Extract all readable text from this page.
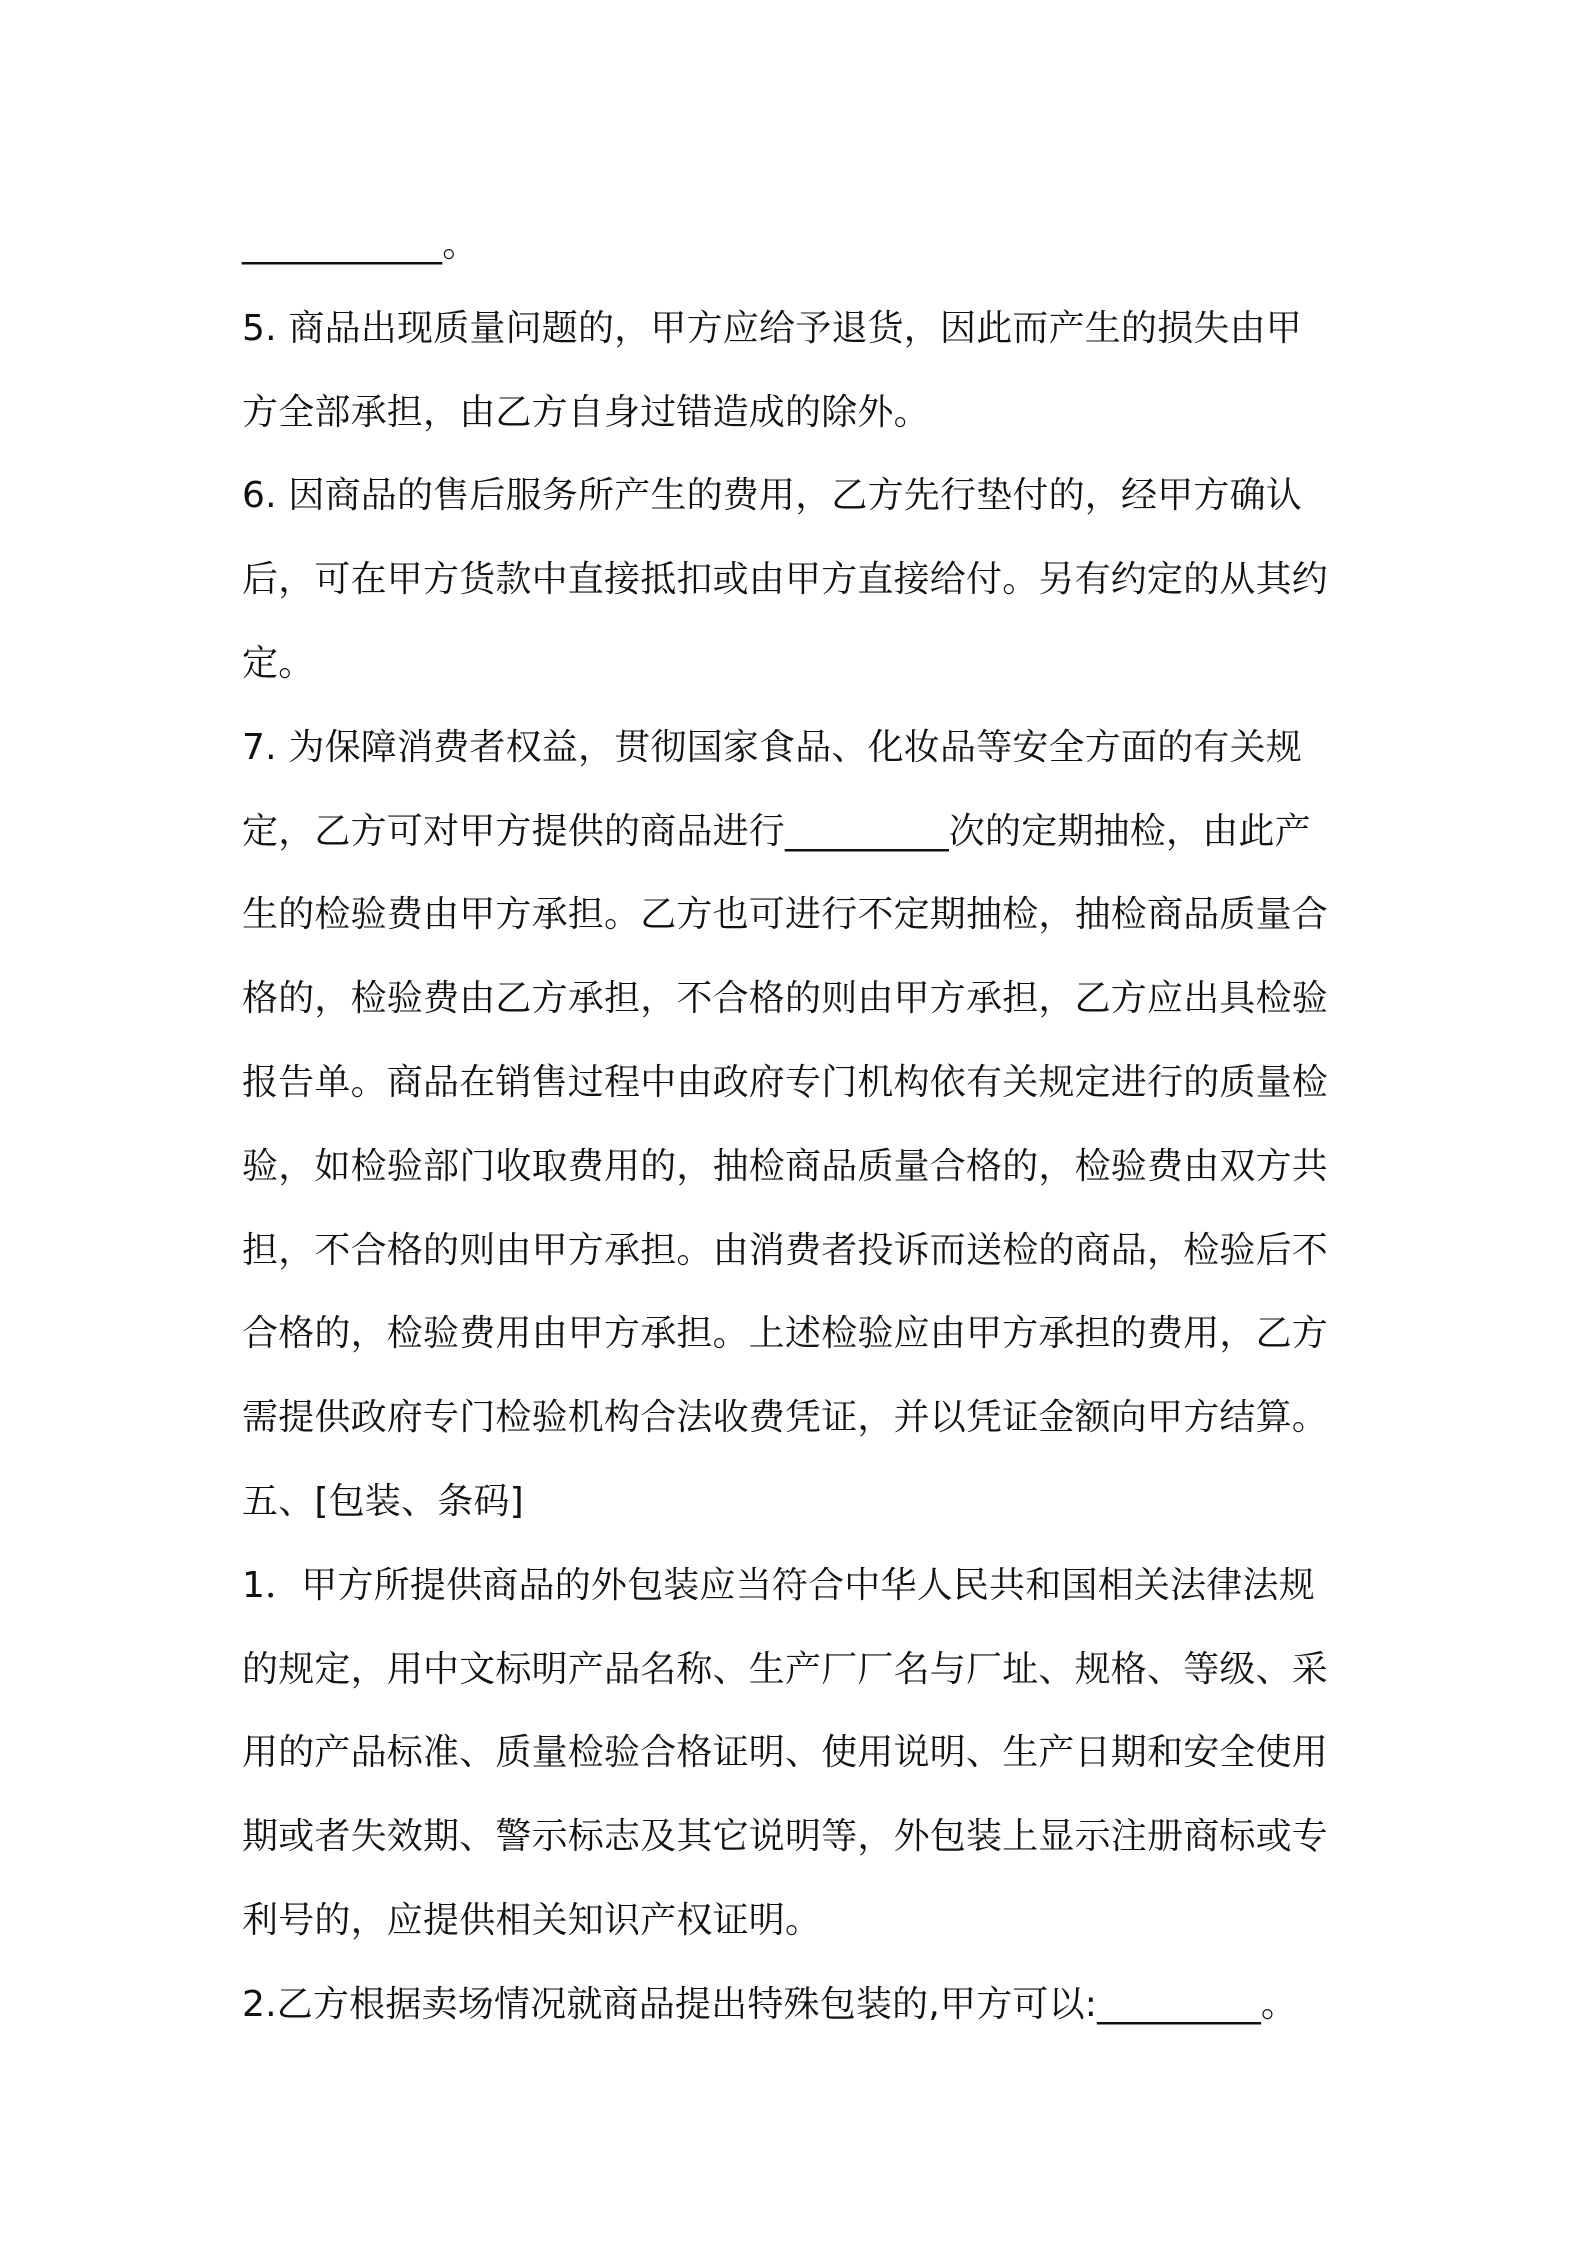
___________。
5. 商品出现质量问题的，甲方应给予退货，因此而产生的损失由甲
方全部承担，由乙方自身过错造成的除外。
6. 因商品的售后服务所产生的费用，乙方先行垫付的，经甲方确认
后，可在甲方货款中直接抵扣或由甲方直接给付。另有约定的从其约
定。
7. 为保障消费者权益，贯彻国家食品、化妆品等安全方面的有关规
定，乙方可对甲方提供的商品进行_________次的定期抽检，由此产
生的检验费由甲方承担。乙方也可进行不定期抽检，抽检商品质量合
格的，检验费由乙方承担，不合格的则由甲方承担，乙方应出具检验
报告单。商品在销售过程中由政府专门机构依有关规定进行的质量检
验，如检验部门收取费用的，抽检商品质量合格的，检验费由双方共
担，不合格的则由甲方承担。由消费者投诉而送检的商品，检验后不
合格的，检验费用由甲方承担。上述检验应由甲方承担的费用，乙方
需提供政府专门检验机构合法收费凭证，并以凭证金额向甲方结算。
五、[包装、条码]
1．甲方所提供商品的外包装应当符合中华人民共和国相关法律法规
的规定，用中文标明产品名称、生产厂厂名与厂址、规格、等级、采
用的产品标准、质量检验合格证明、使用说明、生产日期和安全使用
期或者失效期、警示标志及其它说明等，外包装上显示注册商标或专
利号的，应提供相关知识产权证明。
2.乙方根据卖场情况就商品提出特殊包装的,甲方可以:_________。
